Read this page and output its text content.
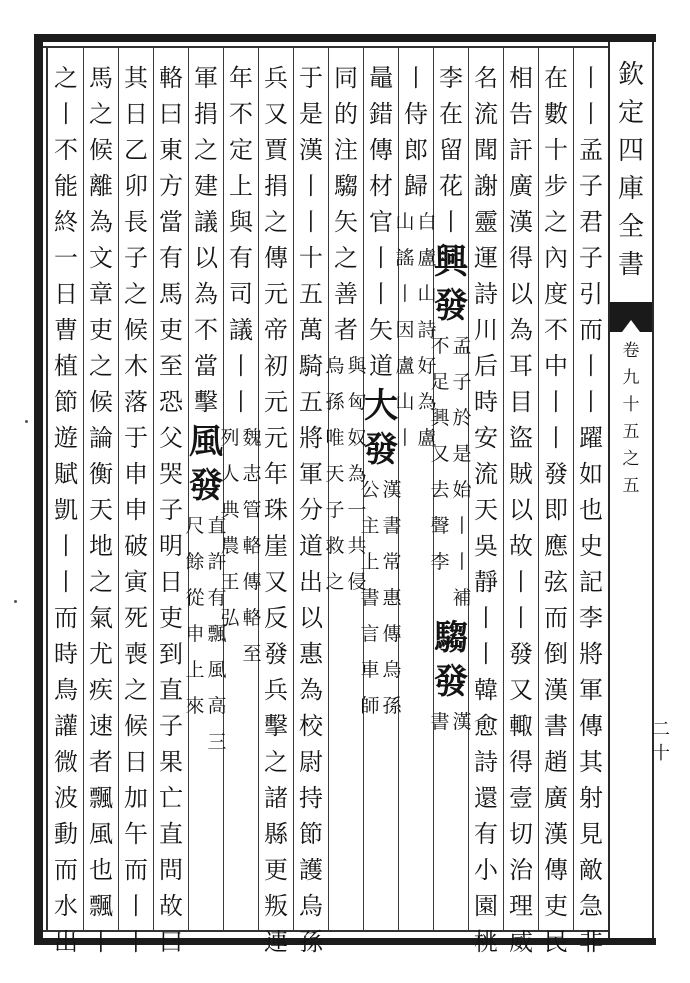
丨
丨
孟
子
君
子
引
而
丨
丨
躍
如
也
史
記
李
將
軍
傳
其
射
見
敵
急
非
在
數
十
步
之
內
度
不
中
丨
丨
發
即
應
弦
而
倒
漢
書
趙
廣
漢
傳
吏
民
相
告
訐
廣
漢
得
以
為
耳
目
盜
賊
以
故
丨
丨
發
又
輙
得
壹
切
治
理
威
名
流
聞
謝
靈
運
詩
川
后
時
安
流
天
吳
靜
丨
丨
韓
愈
詩
還
有
小
園
桃
李
在
留
花
丨
興
發
孟
不
子
足
於
興
是
又
始
去
丨
聲
丨
李
補
騶
發
漢
書
丨
侍
郎
歸
白
山
盧
謠
山
丨
詩
因
好
盧
為
山
盧
丨
鼂
錯
傳
材
官
丨
丨
矢
道
大
發
漢
公
書
主
常
上
惠
書
傳
言
烏
車
孫
師
同
的
注
騶
矢
之
善
者
與
烏
匈
孫
奴
唯
為
天
一
子
共
救
侵
之
于
是
漢
丨
丨
十
五
萬
騎
五
將
軍
分
道
出
以
惠
為
校
尉
持
節
護
烏
孫
兵
又
賈
捐
之
傳
元
帝
初
元
元
年
珠
崖
又
反
發
兵
擊
之
諸
縣
更
叛
連
年
不
定
上
與
有
司
議
丨
丨
魏
列
志
人
管
典
輅
農
傳
王
輅
弘
至
軍
捐
之
建
議
以
為
不
當
擊
風
發
直
尺
許
餘
有
從
飄
申
風
上
高
來
三
輅
曰
東
方
當
有
馬
吏
至
恐
父
哭
子
明
日
吏
到
直
子
果
亡
直
問
故
曰
其
日
乙
卯
長
子
之
候
木
落
于
申
申
破
寅
死
喪
之
候
日
加
午
而
丨
丨
馬
之
候
離
為
文
章
吏
之
候
論
衡
天
地
之
氣
尤
疾
速
者
飄
風
也
飄
丨
之
丨
不
能
終
一
日
曹
植
節
遊
賦
凱
丨
丨
而
時
鳥
讙
微
波
動
而
水
出
欽
定
四
庫
全
書
卷
九
十
五
之
五
二
十
